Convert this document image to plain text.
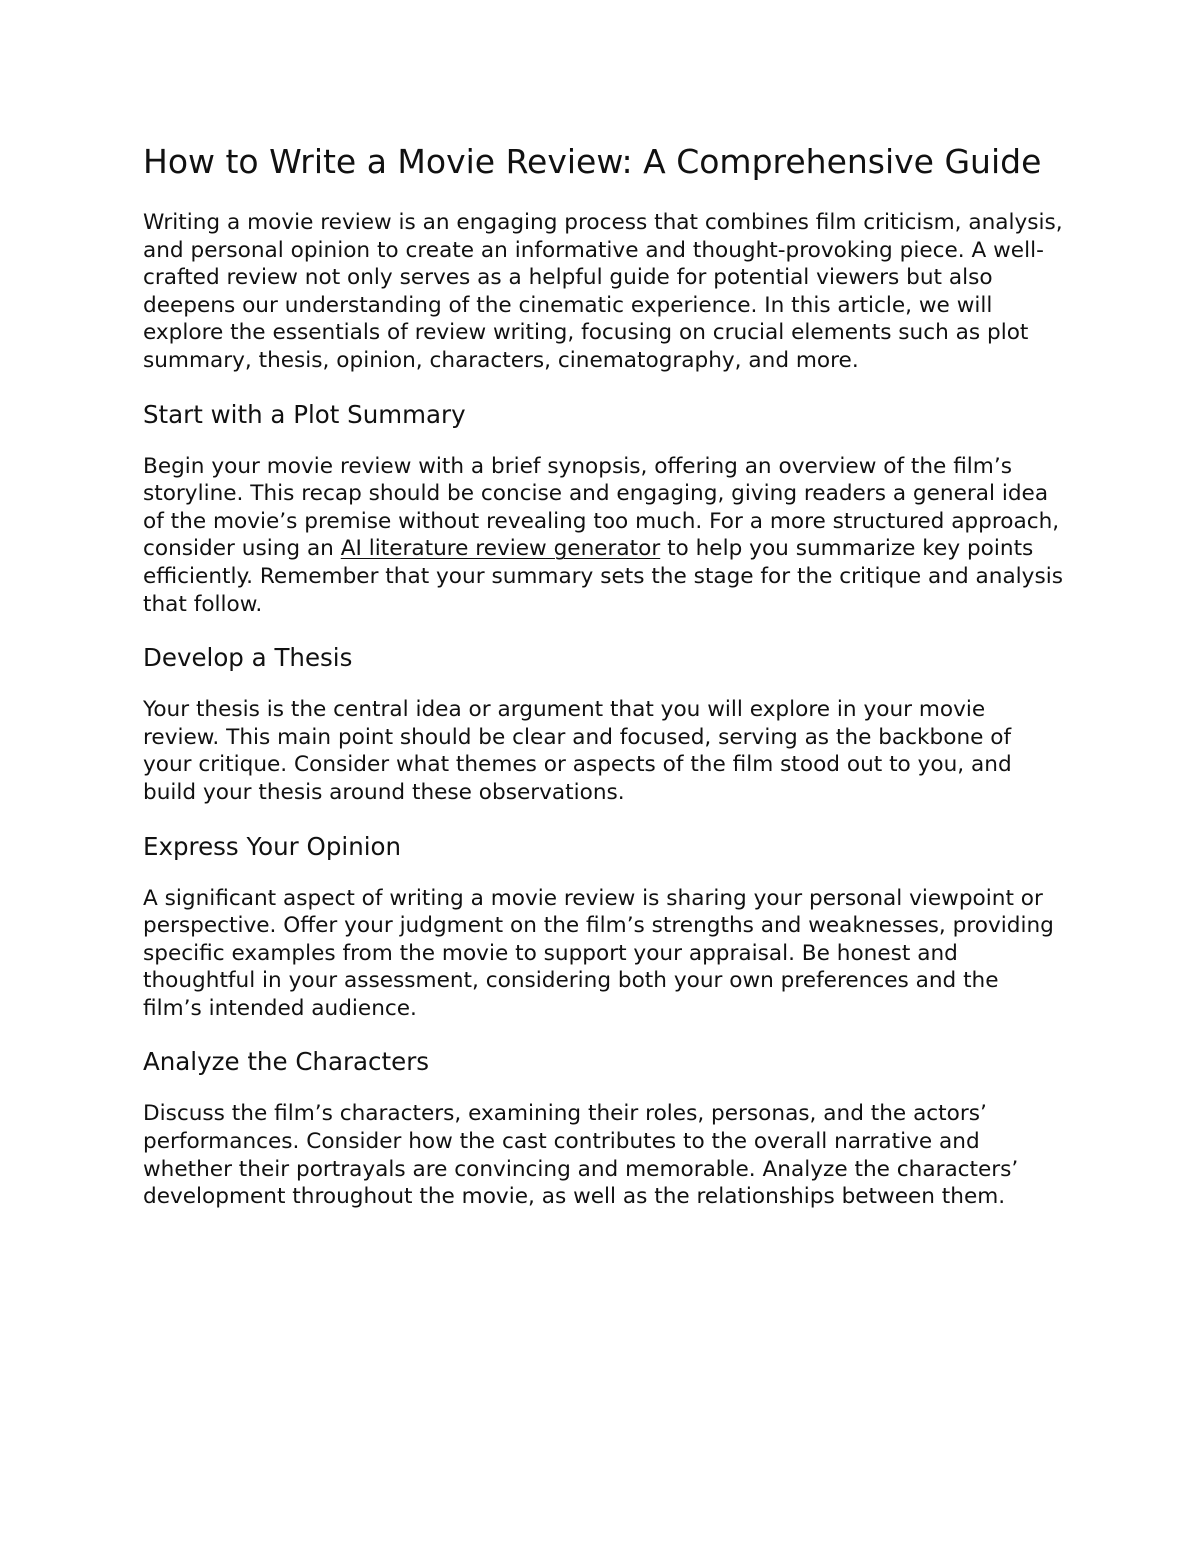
How to Write a Movie Review: A Comprehensive Guide

Writing a movie review is an engaging process that combines film criticism, analysis, and personal opinion to create an informative and thought-provoking piece. A well-crafted review not only serves as a helpful guide for potential viewers but also deepens our understanding of the cinematic experience. In this article, we will explore the essentials of review writing, focusing on crucial elements such as plot summary, thesis, opinion, characters, cinematography, and more.

Start with a Plot Summary

Begin your movie review with a brief synopsis, offering an overview of the film’s storyline. This recap should be concise and engaging, giving readers a general idea of the movie’s premise without revealing too much. For a more structured approach, consider using an AI literature review generator to help you summarize key points efficiently. Remember that your summary sets the stage for the critique and analysis that follow.

Develop a Thesis

Your thesis is the central idea or argument that you will explore in your movie review. This main point should be clear and focused, serving as the backbone of your critique. Consider what themes or aspects of the film stood out to you, and build your thesis around these observations.

Express Your Opinion

A significant aspect of writing a movie review is sharing your personal viewpoint or perspective. Offer your judgment on the film’s strengths and weaknesses, providing specific examples from the movie to support your appraisal. Be honest and thoughtful in your assessment, considering both your own preferences and the film’s intended audience.

Analyze the Characters

Discuss the film’s characters, examining their roles, personas, and the actors’ performances. Consider how the cast contributes to the overall narrative and whether their portrayals are convincing and memorable. Analyze the characters’ development throughout the movie, as well as the relationships between them.
